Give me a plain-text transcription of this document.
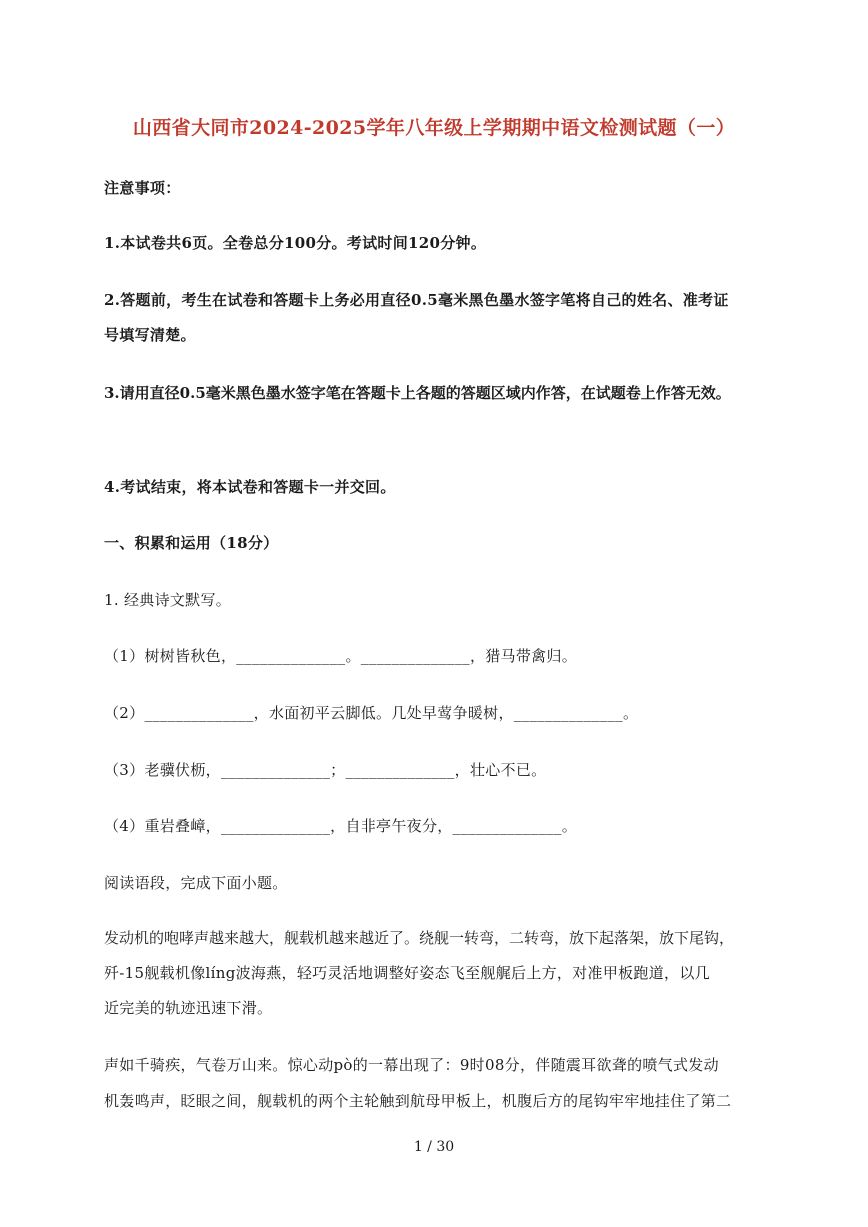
山西省大同市2024-2025学年八年级上学期期中语文检测试题（一）
注意事项：
1.本试卷共6页。全卷总分100分。考试时间120分钟。
2.答题前，考生在试卷和答题卡上务必用直径0.5毫米黑色墨水签字笔将自己的姓名、准考证
号填写清楚。
3.请用直径0.5毫米黑色墨水签字笔在答题卡上各题的答题区域内作答，在试题卷上作答无效。
4.考试结束，将本试卷和答题卡一并交回。
一、积累和运用（18分）
1. 经典诗文默写。
（1）树树皆秋色，______________。______________，猎马带禽归。
（2）______________，水面初平云脚低。几处早莺争暖树，______________。
（3）老骥伏枥，______________；______________，壮心不已。
（4）重岩叠嶂，______________，自非亭午夜分，______________。
阅读语段，完成下面小题。
发动机的咆哮声越来越大，舰载机越来越近了。绕舰一转弯，二转弯，放下起落架，放下尾钩，
歼-15舰载机像líng波海燕，轻巧灵活地调整好姿态飞至舰艉后上方，对准甲板跑道，以几
近完美的轨迹迅速下滑。
声如千骑疾，气卷万山来。惊心动pò的一幕出现了：9时08分，伴随震耳欲聋的喷气式发动
机轰鸣声，眨眼之间，舰载机的两个主轮触到航母甲板上，机腹后方的尾钩牢牢地挂住了第二
1 / 30
